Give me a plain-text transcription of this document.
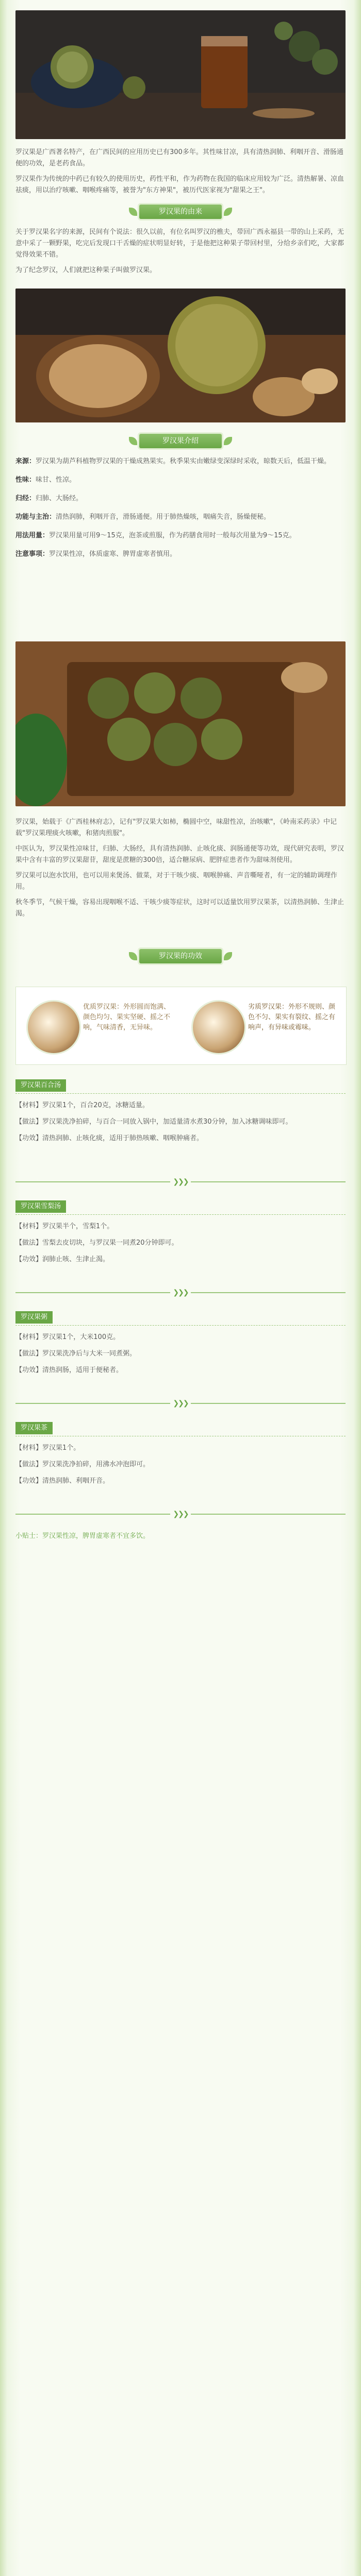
罗汉果是广西著名特产，在广西民间的应用历史已有300多年。其性味甘凉，具有清热润肺、利咽开音、滑肠通便的功效，是老药食品。

罗汉果作为传统的中药已有较久的使用历史，药性平和，作为药物在我国的临床应用较为广泛。清热解暑、凉血祛痰，用以治疗咳嗽、咽喉疼痛等，被誉为"东方神果"，被历代医家视为"甜果之王"。

罗汉果的由来

关于罗汉果名字的来源，民间有个说法：很久以前，有位名叫罗汉的樵夫，带回广西永福县一带的山上采药，无意中采了一颗野果，吃完后发现口干舌燥的症状明显好转，于是他把这种果子带回村里，分给乡亲们吃，大家都觉得效果不错。

为了纪念罗汉，人们就把这种果子叫做罗汉果。

罗汉果介绍
来源：罗汉果为葫芦科植物罗汉果的干燥成熟果实。秋季果实由嫩绿变深绿时采收，晾数天后，低温干燥。
性味：味甘、性凉。
归经：归肺、大肠经。
功能与主治：清热润肺，利咽开音，滑肠通便。用于肺热燥咳，咽痛失音，肠燥便秘。
用法用量：罗汉果用量可用9～15克，泡茶或煎服，作为药膳食用时一般每次用量为9～15克。
注意事项：罗汉果性凉，体质虚寒、脾胃虚寒者慎用。

罗汉果，始载于《广西桂林府志》，记有"罗汉果大如柿，椭圆中空，味甜性凉，治咳嗽"，《岭南采药录》中记载"罗汉果理痰火咳嗽，和猪肉煎服"。

中医认为，罗汉果性凉味甘，归肺、大肠经，具有清热润肺、止咳化痰、润肠通便等功效，现代研究表明，罗汉果中含有丰富的罗汉果甜苷，甜度是蔗糖的300倍，适合糖尿病、肥胖症患者作为甜味剂使用。

罗汉果可以泡水饮用，也可以用来煲汤、做菜，对于干咳少痰、咽喉肿痛、声音嘶哑者，有一定的辅助调理作用。

秋冬季节，气候干燥，容易出现咽喉不适、干咳少痰等症状，这时可以适量饮用罗汉果茶，以清热润肺、生津止渴。

罗汉果的功效
优质罗汉果：外形圆而饱满、颜色均匀、果实坚硬、摇之不响，气味清香，无异味。
劣质罗汉果：外形不规则、颜色不匀、果实有裂纹、摇之有响声，有异味或霉味。
罗汉果百合汤

【材料】罗汉果1个，百合20克，冰糖适量。

【做法】罗汉果洗净拍碎，与百合一同放入锅中，加适量清水煮30分钟，加入冰糖调味即可。

【功效】清热润肺、止咳化痰，适用于肺热咳嗽、咽喉肿痛者。

❯❯❯
罗汉果雪梨汤

【材料】罗汉果半个，雪梨1个。

【做法】雪梨去皮切块，与罗汉果一同煮20分钟即可。

【功效】润肺止咳、生津止渴。

❯❯❯
罗汉果粥

【材料】罗汉果1个，大米100克。

【做法】罗汉果洗净后与大米一同煮粥。

【功效】清热润肠，适用于便秘者。

❯❯❯
罗汉果茶

【材料】罗汉果1个。

【做法】罗汉果洗净拍碎，用沸水冲泡即可。

【功效】清热润肺、利咽开音。

❯❯❯
小贴士：罗汉果性凉，脾胃虚寒者不宜多饮。
